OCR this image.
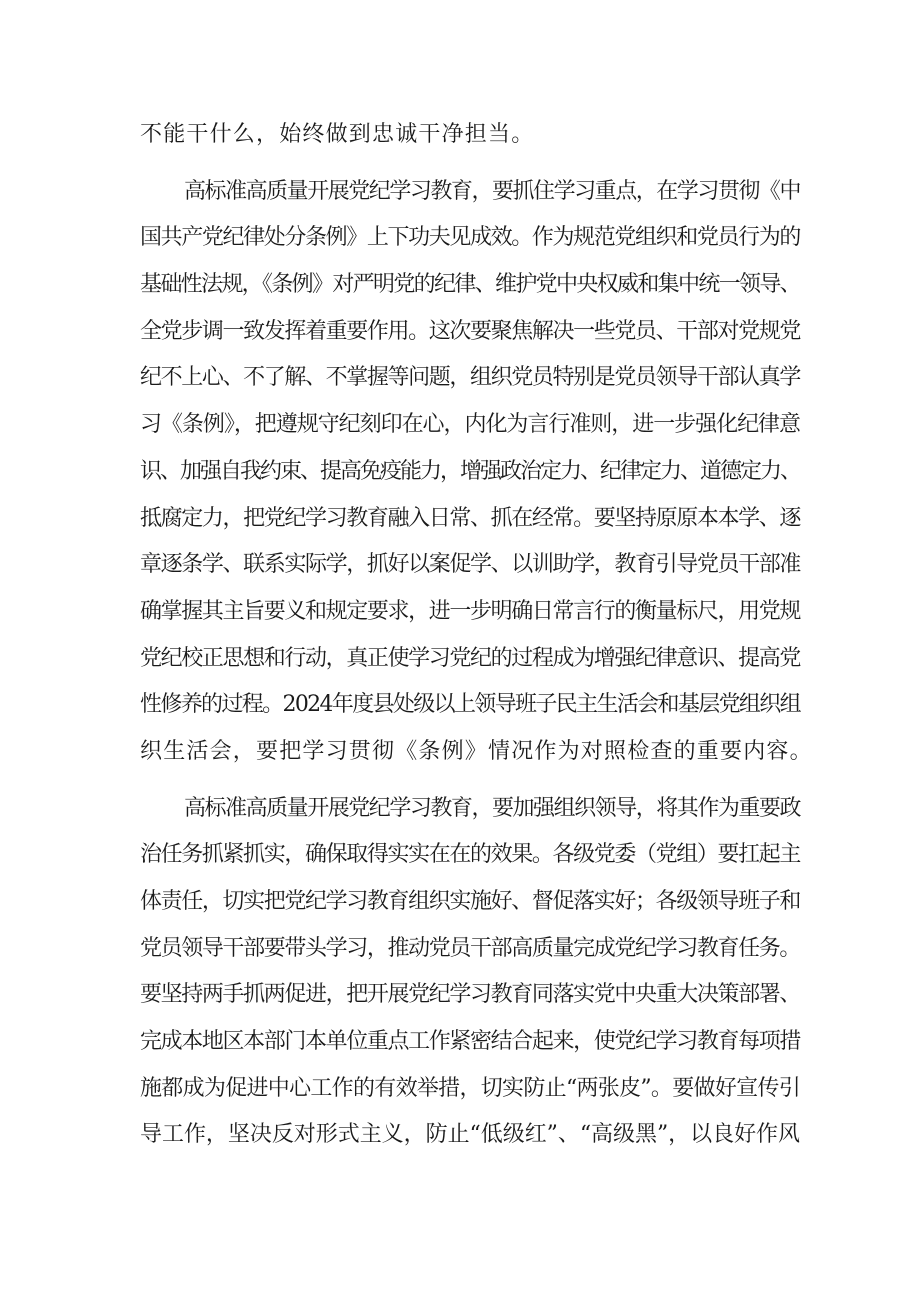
不能干什么，始终做到忠诚干净担当。
高标准高质量开展党纪学习教育，要抓住学习重点，在学习贯彻《中
国共产党纪律处分条例》上下功夫见成效。作为规范党组织和党员行为的
基础性法规，《条例》对严明党的纪律、维护党中央权威和集中统一领导、
全党步调一致发挥着重要作用。这次要聚焦解决一些党员、干部对党规党
纪不上心、不了解、不掌握等问题，组织党员特别是党员领导干部认真学
习《条例》，把遵规守纪刻印在心，内化为言行准则，进一步强化纪律意
识、加强自我约束、提高免疫能力，增强政治定力、纪律定力、道德定力、
抵腐定力，把党纪学习教育融入日常、抓在经常。要坚持原原本本学、逐
章逐条学、联系实际学，抓好以案促学、以训助学，教育引导党员干部准
确掌握其主旨要义和规定要求，进一步明确日常言行的衡量标尺，用党规
党纪校正思想和行动，真正使学习党纪的过程成为增强纪律意识、提高党
性修养的过程。2024年度县处级以上领导班子民主生活会和基层党组织组
织生活会，要把学习贯彻《条例》情况作为对照检查的重要内容。
高标准高质量开展党纪学习教育，要加强组织领导，将其作为重要政
治任务抓紧抓实，确保取得实实在在的效果。各级党委（党组）要扛起主
体责任，切实把党纪学习教育组织实施好、督促落实好；各级领导班子和
党员领导干部要带头学习，推动党员干部高质量完成党纪学习教育任务。
要坚持两手抓两促进，把开展党纪学习教育同落实党中央重大决策部署、
完成本地区本部门本单位重点工作紧密结合起来，使党纪学习教育每项措
施都成为促进中心工作的有效举措，切实防止“两张皮”。要做好宣传引
导工作，坚决反对形式主义，防止“低级红”、“高级黑”，以良好作风
